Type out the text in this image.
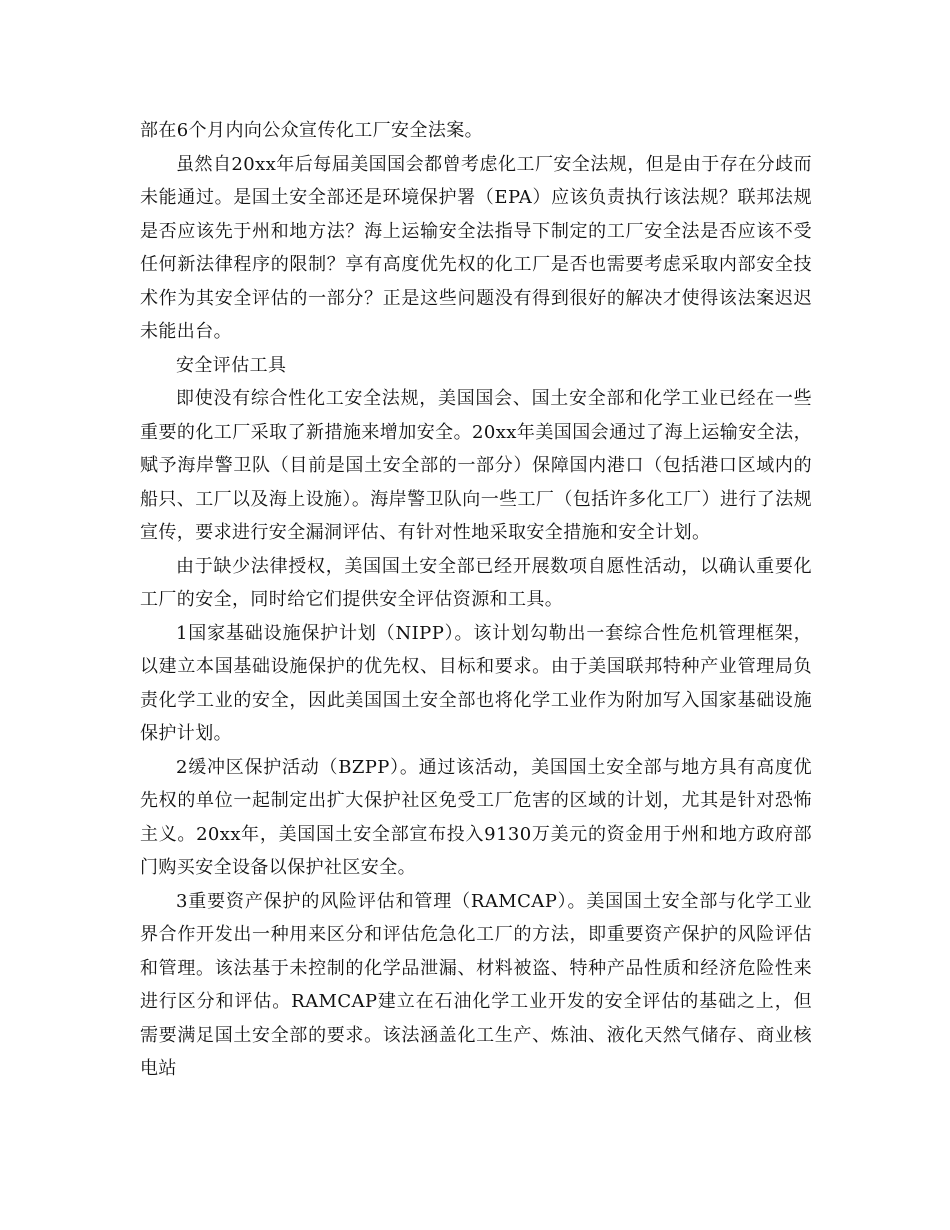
部在6个月内向公众宣传化工厂安全法案。

虽然自20xx年后每届美国国会都曾考虑化工厂安全法规，但是由于存在分歧而未能通过。是国土安全部还是环境保护署（EPA）应该负责执行该法规？联邦法规是否应该先于州和地方法？海上运输安全法指导下制定的工厂安全法是否应该不受任何新法律程序的限制？享有高度优先权的化工厂是否也需要考虑采取内部安全技术作为其安全评估的一部分？正是这些问题没有得到很好的解决才使得该法案迟迟未能出台。

安全评估工具

即使没有综合性化工安全法规，美国国会、国土安全部和化学工业已经在一些重要的化工厂采取了新措施来增加安全。20xx年美国国会通过了海上运输安全法，赋予海岸警卫队（目前是国土安全部的一部分）保障国内港口（包括港口区域内的船只、工厂以及海上设施）。海岸警卫队向一些工厂（包括许多化工厂）进行了法规宣传，要求进行安全漏洞评估、有针对性地采取安全措施和安全计划。

由于缺少法律授权，美国国土安全部已经开展数项自愿性活动，以确认重要化工厂的安全，同时给它们提供安全评估资源和工具。

1国家基础设施保护计划（NIPP）。该计划勾勒出一套综合性危机管理框架，以建立本国基础设施保护的优先权、目标和要求。由于美国联邦特种产业管理局负责化学工业的安全，因此美国国土安全部也将化学工业作为附加写入国家基础设施保护计划。

2缓冲区保护活动（BZPP）。通过该活动，美国国土安全部与地方具有高度优先权的单位一起制定出扩大保护社区免受工厂危害的区域的计划，尤其是针对恐怖主义。20xx年，美国国土安全部宣布投入9130万美元的资金用于州和地方政府部门购买安全设备以保护社区安全。

3重要资产保护的风险评估和管理（RAMCAP）。美国国土安全部与化学工业界合作开发出一种用来区分和评估危急化工厂的方法，即重要资产保护的风险评估和管理。该法基于未控制的化学品泄漏、材料被盗、特种产品性质和经济危险性来进行区分和评估。RAMCAP建立在石油化学工业开发的安全评估的基础之上，但需要满足国土安全部的要求。该法涵盖化工生产、炼油、液化天然气储存、商业核电站
